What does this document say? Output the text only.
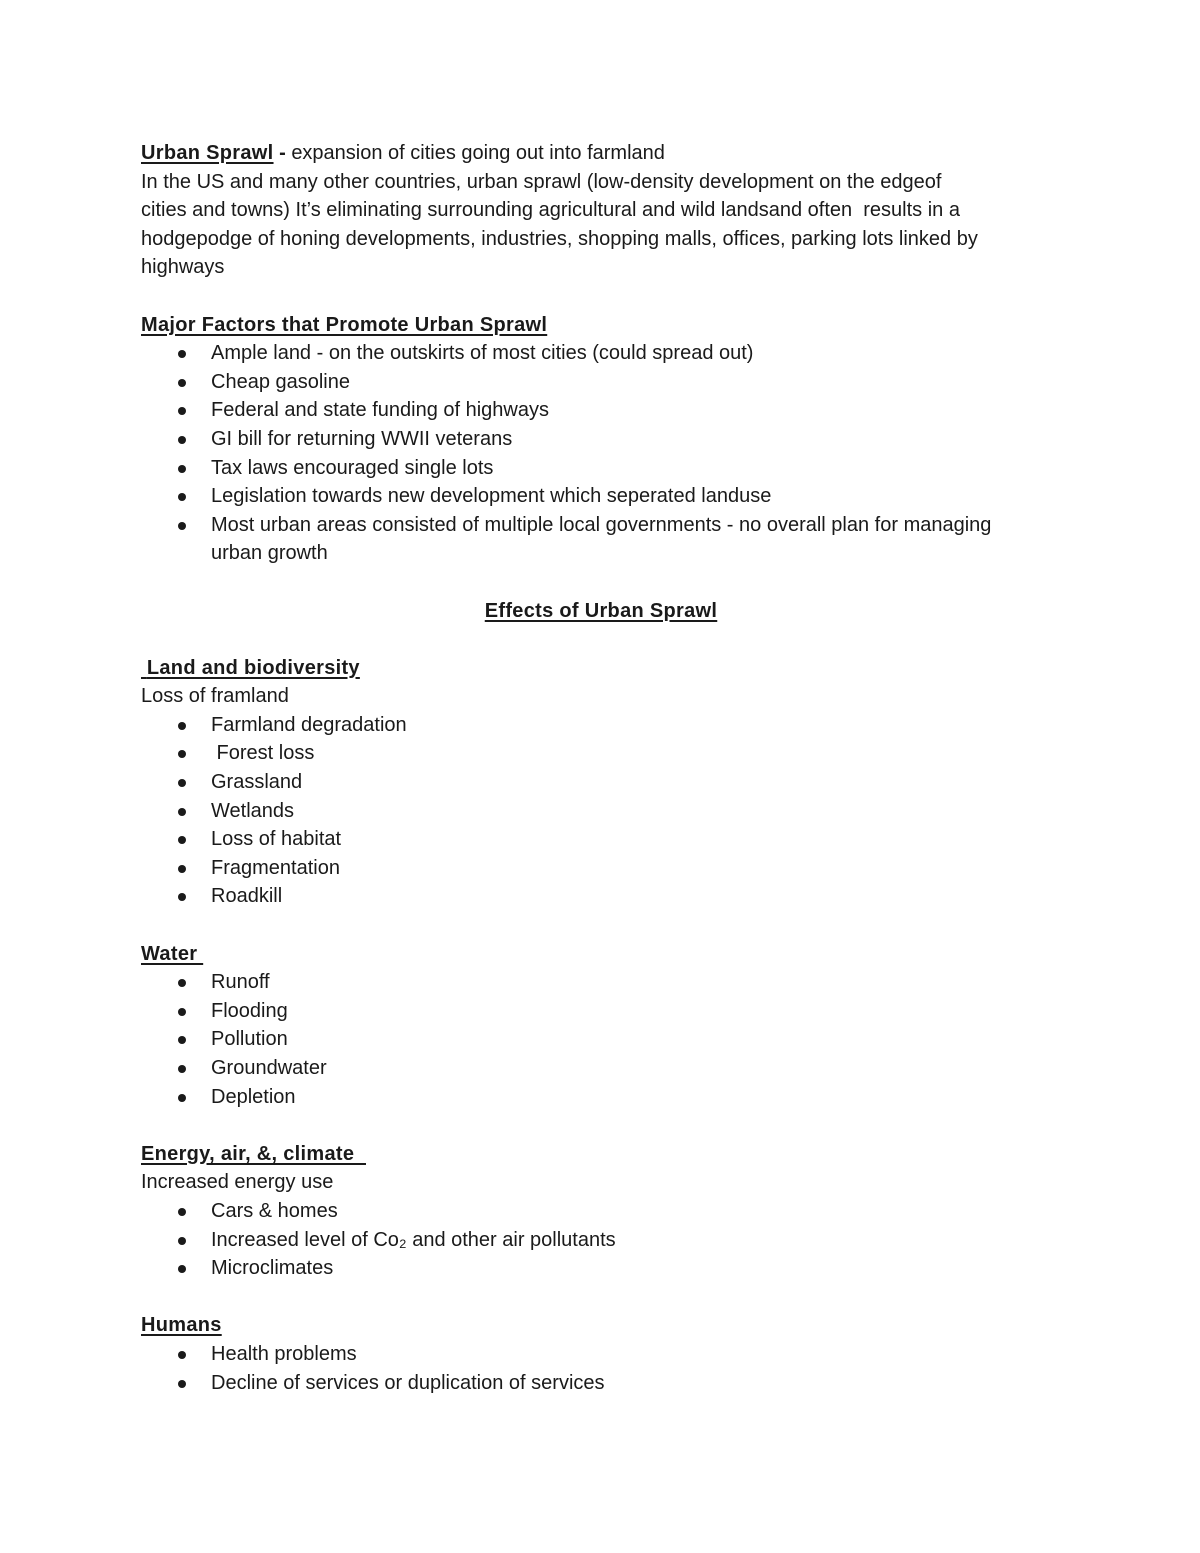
Urban Sprawl - expansion of cities going out into farmland

In the US and many other countries, urban sprawl (low-density development on the edgeof

cities and towns) It’s eliminating surrounding agricultural and wild landsand often  results in a

hodgepodge of honing developments, industries, shopping malls, offices, parking lots linked by

highways

Major Factors that Promote Urban Sprawl

Ample land - on the outskirts of most cities (could spread out)
Cheap gasoline
Federal and state funding of highways
GI bill for returning WWII veterans
Tax laws encouraged single lots
Legislation towards new development which seperated landuse
Most urban areas consisted of multiple local governments - no overall plan for managing
urban growth

Effects of Urban Sprawl

Land and biodiversity

Loss of framland

Farmland degradation
Forest loss
Grassland
Wetlands
Loss of habitat
Fragmentation
Roadkill

Water

Runoff
Flooding
Pollution
Groundwater
Depletion

Energy, air, &, climate

Increased energy use

Cars & homes
Increased level of Co₂ and other air pollutants
Microclimates

Humans

Health problems
Decline of services or duplication of services
